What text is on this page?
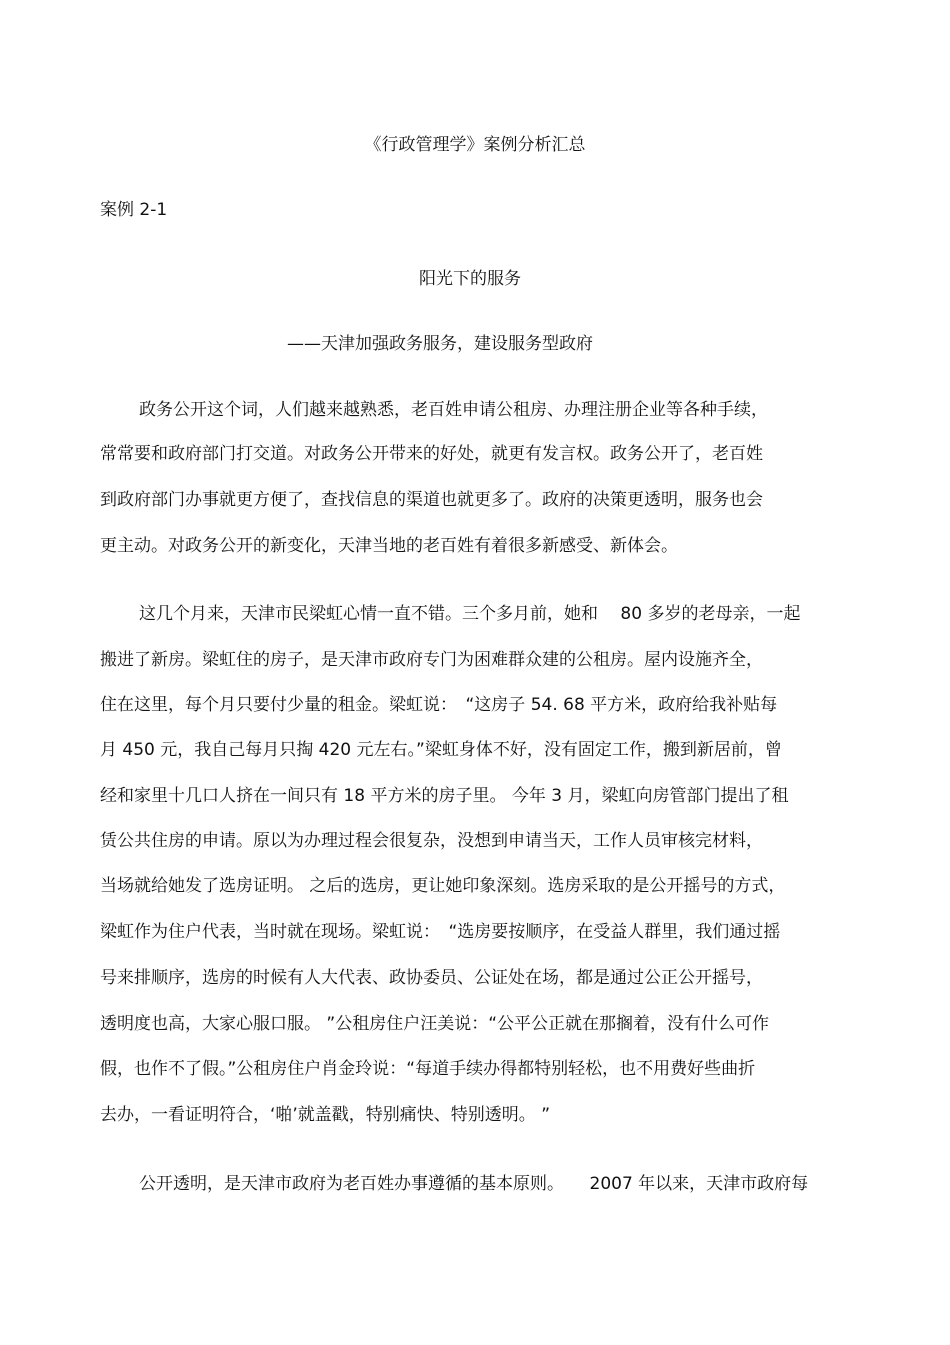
《行政管理学》案例分析汇总
案例 2-1
阳光下的服务
——天津加强政务服务，建设服务型政府
政务公开这个词，人们越来越熟悉，老百姓申请公租房、办理注册企业等各种手续，
常常要和政府部门打交道。对政务公开带来的好处，就更有发言权。政务公开了，老百姓
到政府部门办事就更方便了，查找信息的渠道也就更多了。政府的决策更透明，服务也会
更主动。对政务公开的新变化，天津当地的老百姓有着很多新感受、新体会。
这几个月来，天津市民梁虹心情一直不错。三个多月前，她和　 80 多岁的老母亲，一起
搬进了新房。梁虹住的房子，是天津市政府专门为困难群众建的公租房。屋内设施齐全，
住在这里，每个月只要付少量的租金。梁虹说：　“这房子 54. 68 平方米，政府给我补贴每
月 450 元，我自己每月只掏 420 元左右。”梁虹身体不好，没有固定工作，搬到新居前，曾
经和家里十几口人挤在一间只有 18 平方米的房子里。 今年 3 月，梁虹向房管部门提出了租
赁公共住房的申请。原以为办理过程会很复杂，没想到申请当天，工作人员审核完材料，
当场就给她发了选房证明。 之后的选房，更让她印象深刻。选房采取的是公开摇号的方式，
梁虹作为住户代表，当时就在现场。梁虹说：　“选房要按顺序，在受益人群里，我们通过摇
号来排顺序，选房的时候有人大代表、政协委员、公证处在场，都是通过公正公开摇号，
透明度也高，大家心服口服。 ”公租房住户汪美说：“公平公正就在那搁着，没有什么可作
假，也作不了假。”公租房住户肖金玲说：“每道手续办得都特别轻松，也不用费好些曲折
去办，一看证明符合，‘啪’就盖戳，特别痛快、特别透明。 ”
公开透明，是天津市政府为老百姓办事遵循的基本原则。　　2007 年以来，天津市政府每
